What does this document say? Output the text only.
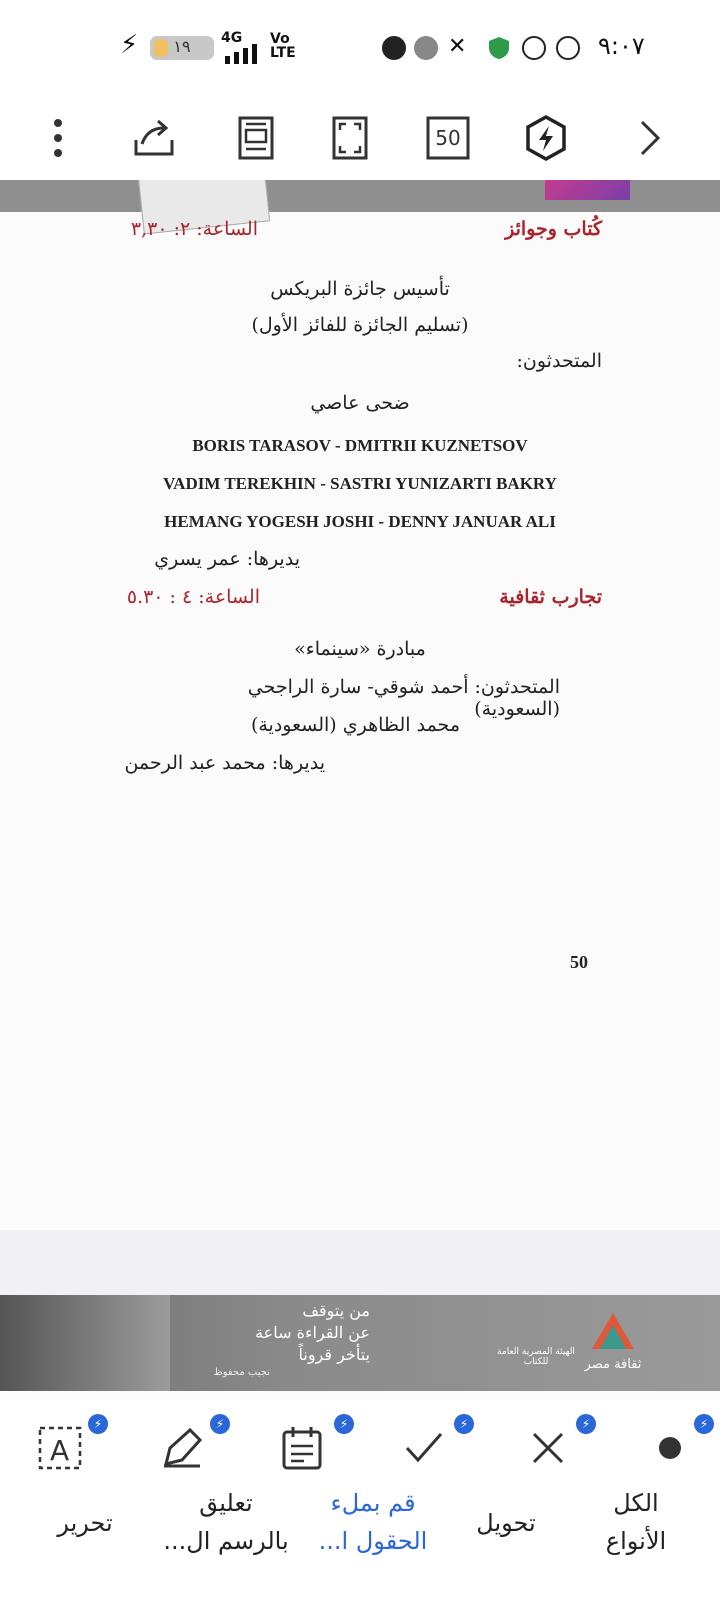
⚡	١٩	4G Vo LTE	✕	٩:٠٧
50
كُتاب وجوائز
الساعة: ٢: ٣,٣٠
تأسيس جائزة البريكس
(تسليم الجائزة للفائز الأول)
المتحدثون:
ضحى عاصي
BORIS TARASOV - DMITRII KUZNETSOV
VADIM TEREKHIN - SASTRI YUNIZARTI BAKRY
HEMANG YOGESH JOSHI - DENNY JANUAR ALI
يديرها: عمر يسري
تجارب ثقافية
الساعة: ٤ : ٥.٣٠
مبادرة «سينماء»
المتحدثون: أحمد شوقي- سارة الراجحي (السعودية)
محمد الظاهري (السعودية)
يديرها: محمد عبد الرحمن
50
من يتوقف
عن القراءة ساعة
يتأخر قروناً
نجيب محفوظ
الهيئة المصرية العامة للكتاب	ثقافة مصر
⚡
⚡
⚡
⚡
⚡
A
⚡
الكل
الأنواع
تحويل
قم بملء
الحقول ا...
تعليق
بالرسم ال...
تحرير
